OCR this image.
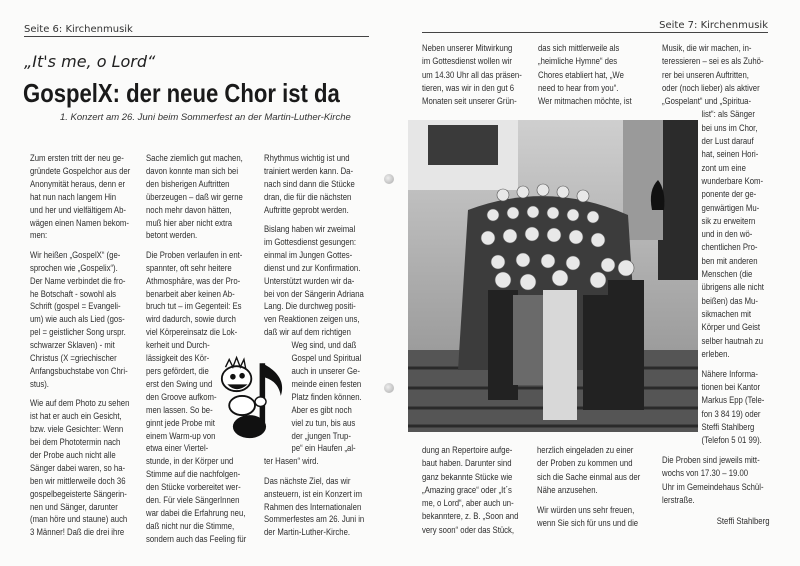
Seite 6: Kirchenmusik
„It's me, o Lord“
GospelX: der neue Chor ist da
1. Konzert am 26. Juni beim Sommerfest an der Martin-Luther-Kirche
Zum ersten tritt der neu ge-
gründete Gospelchor aus der
Anonymität heraus, denn er
hat nun nach langem Hin
und her und vielfältigem Ab-
wägen einen Namen bekom-
men:
Wir heißen „GospelX“ (ge-
sprochen wie „Gospelix“).
Der Name verbindet die fro-
he Botschaft - sowohl als
Schrift (gospel = Evangeli-
um) wie auch als Lied (gos-
pel = geistlicher Song urspr.
schwarzer Sklaven) - mit
Christus (X =griechischer
Anfangsbuchstabe von Chri-
stus).
Wie auf dem Photo zu sehen
ist hat er auch ein Gesicht,
bzw. viele Gesichter: Wenn
bei dem Phototermin nach
der Probe auch nicht alle
Sänger dabei waren, so ha-
ben wir mittlerweile doch 36
gospelbegeisterte Sängerin-
nen und Sänger, darunter
(man höre und staune) auch
3 Männer! Daß die drei ihre
Sache ziemlich gut machen,
davon konnte man sich bei
den bisherigen Auftritten
überzeugen – daß wir gerne
noch mehr davon hätten,
muß hier aber nicht extra
betont werden.
Die Proben verlaufen in ent-
spannter, oft sehr heitere
Athmosphäre, was der Pro-
benarbeit aber keinen Ab-
bruch tut – im Gegenteil: Es
wird dadurch, sowie durch
viel Körpereinsatz die Lok-
kerheit und Durch-
lässigkeit des Kör-
pers gefördert, die
erst den Swing und
den Groove aufkom-
men lassen. So be-
ginnt jede Probe mit
einem Warm-up von
etwa einer Viertel-
stunde, in der Körper und
Stimme auf die nachfolgen-
den Stücke vorbereitet wer-
den. Für viele SängerInnen
war dabei die Erfahrung neu,
daß nicht nur die Stimme,
sondern auch das Feeling für
Rhythmus wichtig ist und
trainiert werden kann. Da-
nach sind dann die Stücke
dran, die für die nächsten
Auftritte geprobt werden.
Bislang haben wir zweimal
im Gottesdienst gesungen:
einmal im Jungen Gottes-
dienst und zur Konfirmation.
Unterstützt wurden wir da-
bei von der Sängerin Adriana
Lang. Die durchweg positi-
ven Reaktionen zeigen uns,
daß wir auf dem richtigen
Weg sind, und daß
Gospel und Spiritual
auch in unserer Ge-
meinde einen festen
Platz finden können.
Aber es gibt noch
viel zu tun, bis aus
der „jungen Trup-
pe“ ein Haufen „al-
ter Hasen“ wird.
Das nächste Ziel, das wir
ansteuern, ist ein Konzert im
Rahmen des Internationalen
Sommerfestes am 26. Juni in
der Martin-Luther-Kirche.
Seite 7: Kirchenmusik
Neben unserer Mitwirkung
im Gottesdienst wollen wir
um 14.30 Uhr all das präsen-
tieren, was wir in den gut 6
Monaten seit unserer Grün-
das sich mittlerweile als
„heimliche Hymne“ des
Chores etabliert hat, „We
need to hear from you“.
Wer mitmachen möchte, ist
dung an Repertoire aufge-
baut haben. Darunter sind
ganz bekannte Stücke wie
„Amazing grace“ oder „It´s
me, o Lord“, aber auch un-
bekanntere, z. B. „Soon and
very soon“ oder das Stück,
herzlich eingeladen zu einer
der Proben zu kommen und
sich die Sache einmal aus der
Nähe anzusehen.
Wir würden uns sehr freuen,
wenn Sie sich für uns und die
Musik, die wir machen, in-
teressieren – sei es als Zuhö-
rer bei unseren Auftritten,
oder (noch lieber) als aktiver
„Gospelant“ und „Spiritua-
list“: als Sänger
bei uns im Chor,
der Lust darauf
hat, seinen Hori-
zont um eine
wunderbare Kom-
ponente der ge-
genwärtigen Mu-
sik zu erweitern
und in den wö-
chentlichen Pro-
ben mit anderen
Menschen (die
übrigens alle nicht
beißen) das Mu-
sikmachen mit
Körper und Geist
selber hautnah zu
erleben.
Nähere Informa-
tionen bei Kantor
Markus Epp (Tele-
fon 3 84 19) oder
Steffi Stahlberg
(Telefon 5 01 99).
Die Proben sind jeweils mitt-
wochs von 17.30 – 19.00
Uhr im Gemeindehaus Schül-
lerstraße.
Steffi Stahlberg
